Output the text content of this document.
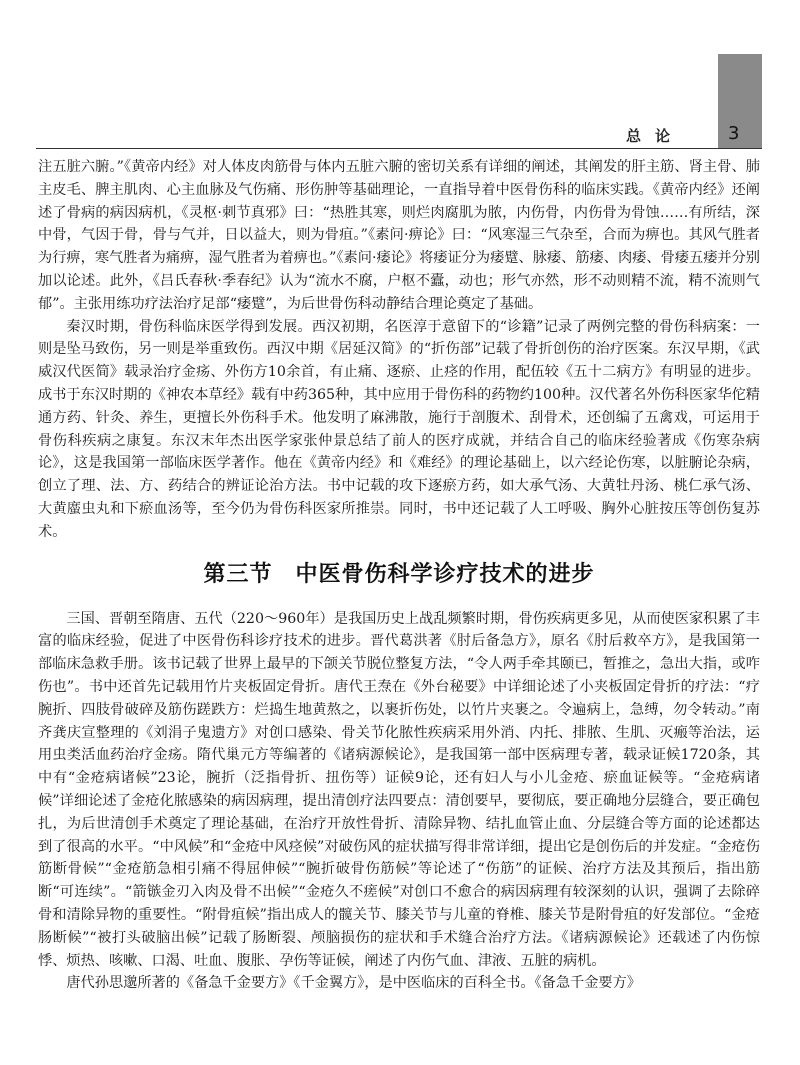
总论 3

注五脏六腑。”《黄帝内经》对人体皮肉筋骨与体内五脏六腑的密切关系有详细的阐述，其阐发的肝主筋、肾主骨、肺主皮毛、脾主肌肉、心主血脉及气伤痛、形伤肿等基础理论，一直指导着中医骨伤科的临床实践。《黄帝内经》还阐述了骨病的病因病机，《灵枢·刺节真邪》曰：“热胜其寒，则烂肉腐肌为脓，内伤骨，内伤骨为骨蚀……有所结，深中骨，气因于骨，骨与气并，日以益大，则为骨疽。”《素问·痹论》曰：“风寒湿三气杂至，合而为痹也。其风气胜者为行痹，寒气胜者为痛痹，湿气胜者为着痹也。”《素问·痿论》将痿证分为痿躄、脉痿、筋痿、肉痿、骨痿五痿并分别加以论述。此外，《吕氏春秋·季春纪》认为“流水不腐，户枢不蠹，动也；形气亦然，形不动则精不流，精不流则气郁”。主张用练功疗法治疗足部“痿躄”，为后世骨伤科动静结合理论奠定了基础。

秦汉时期，骨伤科临床医学得到发展。西汉初期，名医淳于意留下的“诊籍”记录了两例完整的骨伤科病案：一则是坠马致伤，另一则是举重致伤。西汉中期《居延汉简》的“折伤部”记载了骨折创伤的治疗医案。东汉早期，《武威汉代医简》载录治疗金疡、外伤方10余首，有止痛、逐瘀、止痉的作用，配伍较《五十二病方》有明显的进步。成书于东汉时期的《神农本草经》载有中药365种，其中应用于骨伤科的药物约100种。汉代著名外伤科医家华佗精通方药、针灸、养生，更擅长外伤科手术。他发明了麻沸散，施行于剖腹术、刮骨术，还创编了五禽戏，可运用于骨伤科疾病之康复。东汉末年杰出医学家张仲景总结了前人的医疗成就，并结合自己的临床经验著成《伤寒杂病论》，这是我国第一部临床医学著作。他在《黄帝内经》和《难经》的理论基础上，以六经论伤寒，以脏腑论杂病，创立了理、法、方、药结合的辨证论治方法。书中记载的攻下逐瘀方药，如大承气汤、大黄牡丹汤、桃仁承气汤、大黄䗪虫丸和下瘀血汤等，至今仍为骨伤科医家所推崇。同时，书中还记载了人工呼吸、胸外心脏按压等创伤复苏术。

第三节　中医骨伤科学诊疗技术的进步

三国、晋朝至隋唐、五代（220～960年）是我国历史上战乱频繁时期，骨伤疾病更多见，从而使医家积累了丰富的临床经验，促进了中医骨伤科诊疗技术的进步。晋代葛洪著《肘后备急方》，原名《肘后救卒方》，是我国第一部临床急救手册。该书记载了世界上最早的下颌关节脱位整复方法，“令人两手牵其颐已，暂推之，急出大指，或咋伤也”。书中还首先记载用竹片夹板固定骨折。唐代王焘在《外台秘要》中详细论述了小夹板固定骨折的疗法：“疗腕折、四肢骨破碎及筋伤蹉跌方：烂捣生地黄熬之，以裹折伤处，以竹片夹裹之。令遍病上，急缚，勿令转动。”南齐龚庆宣整理的《刘涓子鬼遗方》对创口感染、骨关节化脓性疾病采用外消、内托、排脓、生肌、灭瘢等治法，运用虫类活血药治疗金疡。隋代巢元方等编著的《诸病源候论》，是我国第一部中医病理专著，载录证候1720条，其中有“金疮病诸候”23论，腕折（泛指骨折、扭伤等）证候9论，还有妇人与小儿金疮、瘀血证候等。“金疮病诸候”详细论述了金疮化脓感染的病因病理，提出清创疗法四要点：清创要早，要彻底，要正确地分层缝合，要正确包扎，为后世清创手术奠定了理论基础，在治疗开放性骨折、清除异物、结扎血管止血、分层缝合等方面的论述都达到了很高的水平。“中风候”和“金疮中风痉候”对破伤风的症状描写得非常详细，提出它是创伤后的并发症。“金疮伤筋断骨候”“金疮筋急相引痛不得屈伸候”“腕折破骨伤筋候”等论述了“伤筋”的证候、治疗方法及其预后，指出筋断“可连续”。“箭镞金刃入肉及骨不出候”“金疮久不瘥候”对创口不愈合的病因病理有较深刻的认识，强调了去除碎骨和清除异物的重要性。“附骨疽候”指出成人的髋关节、膝关节与儿童的脊椎、膝关节是附骨疽的好发部位。“金疮肠断候”“被打头破脑出候”记载了肠断裂、颅脑损伤的症状和手术缝合治疗方法。《诸病源候论》还载述了内伤惊悸、烦热、咳嗽、口渴、吐血、腹胀、孕伤等证候，阐述了内伤气血、津液、五脏的病机。

唐代孙思邈所著的《备急千金要方》《千金翼方》，是中医临床的百科全书。《备急千金要方》
